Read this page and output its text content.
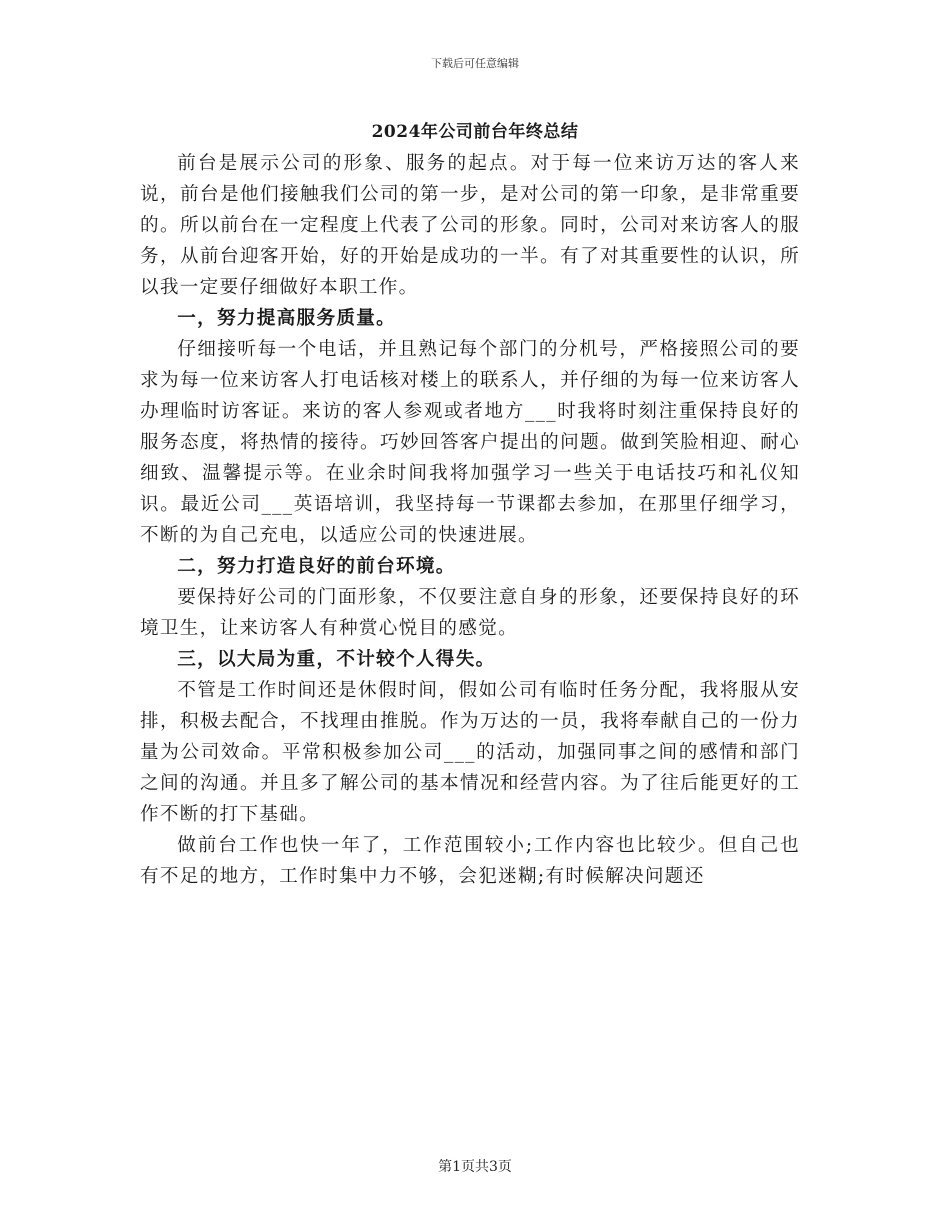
下载后可任意编辑
2024年公司前台年终总结

前台是展示公司的形象、服务的起点。对于每一位来访万达的客人来说，前台是他们接触我们公司的第一步，是对公司的第一印象，是非常重要的。所以前台在一定程度上代表了公司的形象。同时，公司对来访客人的服务，从前台迎客开始，好的开始是成功的一半。有了对其重要性的认识，所以我一定要仔细做好本职工作。

一，努力提高服务质量。

仔细接听每一个电话，并且熟记每个部门的分机号，严格接照公司的要求为每一位来访客人打电话核对楼上的联系人，并仔细的为每一位来访客人办理临时访客证。来访的客人参观或者地方___时我将时刻注重保持良好的服务态度，将热情的接待。巧妙回答客户提出的问题。做到笑脸相迎、耐心细致、温馨提示等。在业余时间我将加强学习一些关于电话技巧和礼仪知识。最近公司___英语培训，我坚持每一节课都去参加，在那里仔细学习，不断的为自己充电，以适应公司的快速进展。

二，努力打造良好的前台环境。

要保持好公司的门面形象，不仅要注意自身的形象，还要保持良好的环境卫生，让来访客人有种赏心悦目的感觉。

三，以大局为重，不计较个人得失。

不管是工作时间还是休假时间，假如公司有临时任务分配，我将服从安排，积极去配合，不找理由推脱。作为万达的一员，我将奉献自己的一份力量为公司效命。平常积极参加公司___的活动，加强同事之间的感情和部门之间的沟通。并且多了解公司的基本情况和经营内容。为了往后能更好的工作不断的打下基础。

做前台工作也快一年了，工作范围较小;工作内容也比较少。但自己也有不足的地方，工作时集中力不够，会犯迷糊;有时候解决问题还

第1页共3页
